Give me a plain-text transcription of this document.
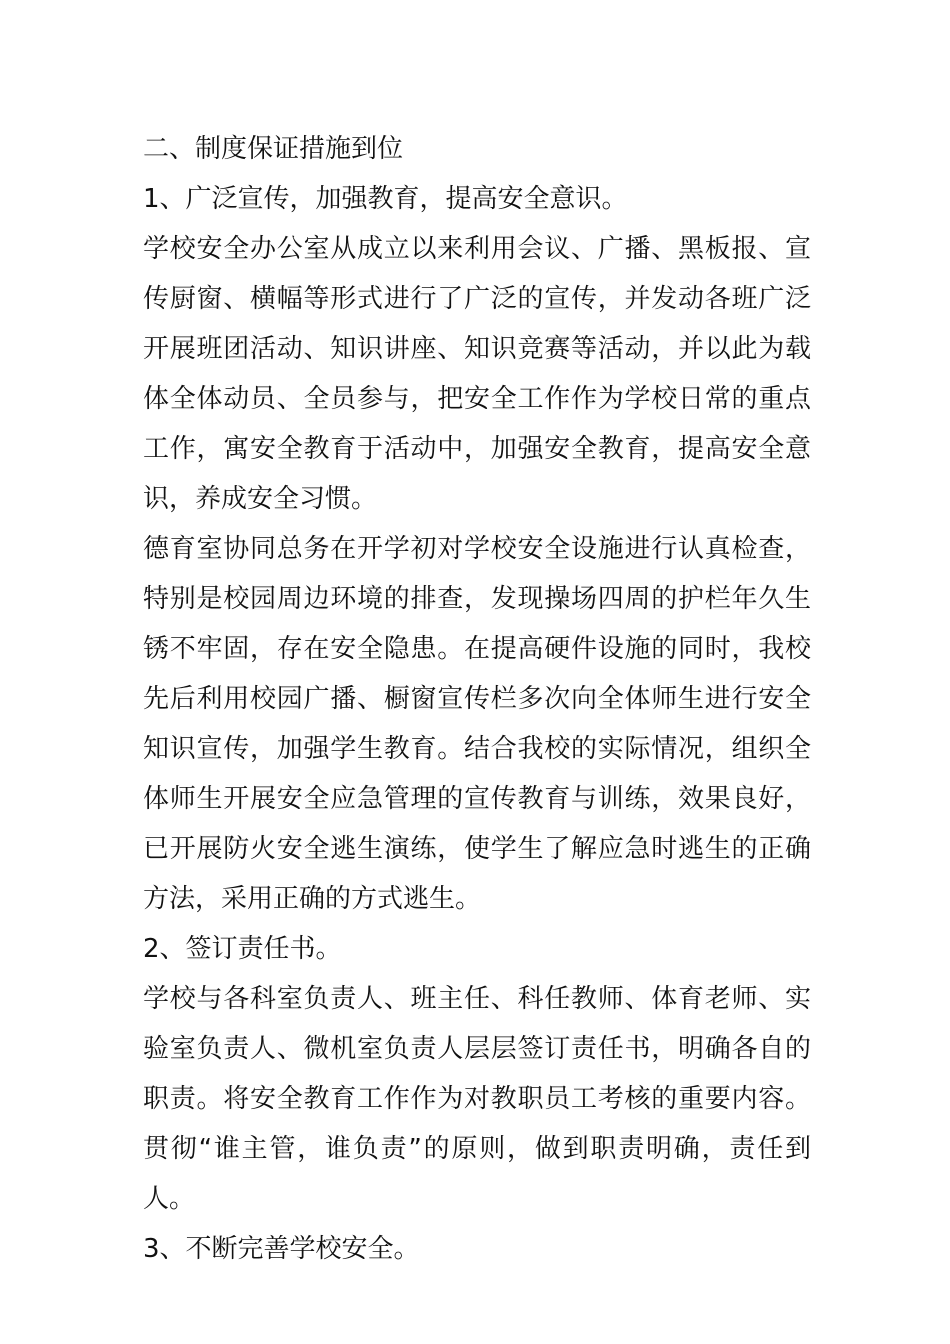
二、制度保证措施到位

1、广泛宣传，加强教育，提高安全意识。

学校安全办公室从成立以来利用会议、广播、黑板报、宣传厨窗、横幅等形式进行了广泛的宣传，并发动各班广泛开展班团活动、知识讲座、知识竞赛等活动，并以此为载体全体动员、全员参与，把安全工作作为学校日常的重点工作，寓安全教育于活动中，加强安全教育，提高安全意识，养成安全习惯。

德育室协同总务在开学初对学校安全设施进行认真检查，特别是校园周边环境的排查，发现操场四周的护栏年久生锈不牢固，存在安全隐患。在提高硬件设施的同时，我校先后利用校园广播、橱窗宣传栏多次向全体师生进行安全知识宣传，加强学生教育。结合我校的实际情况，组织全体师生开展安全应急管理的宣传教育与训练，效果良好，已开展防火安全逃生演练，使学生了解应急时逃生的正确方法，采用正确的方式逃生。

2、签订责任书。

学校与各科室负责人、班主任、科任教师、体育老师、实验室负责人、微机室负责人层层签订责任书，明确各自的职责。将安全教育工作作为对教职员工考核的重要内容。贯彻“谁主管，谁负责”的原则，做到职责明确，责任到人。

3、不断完善学校安全。
